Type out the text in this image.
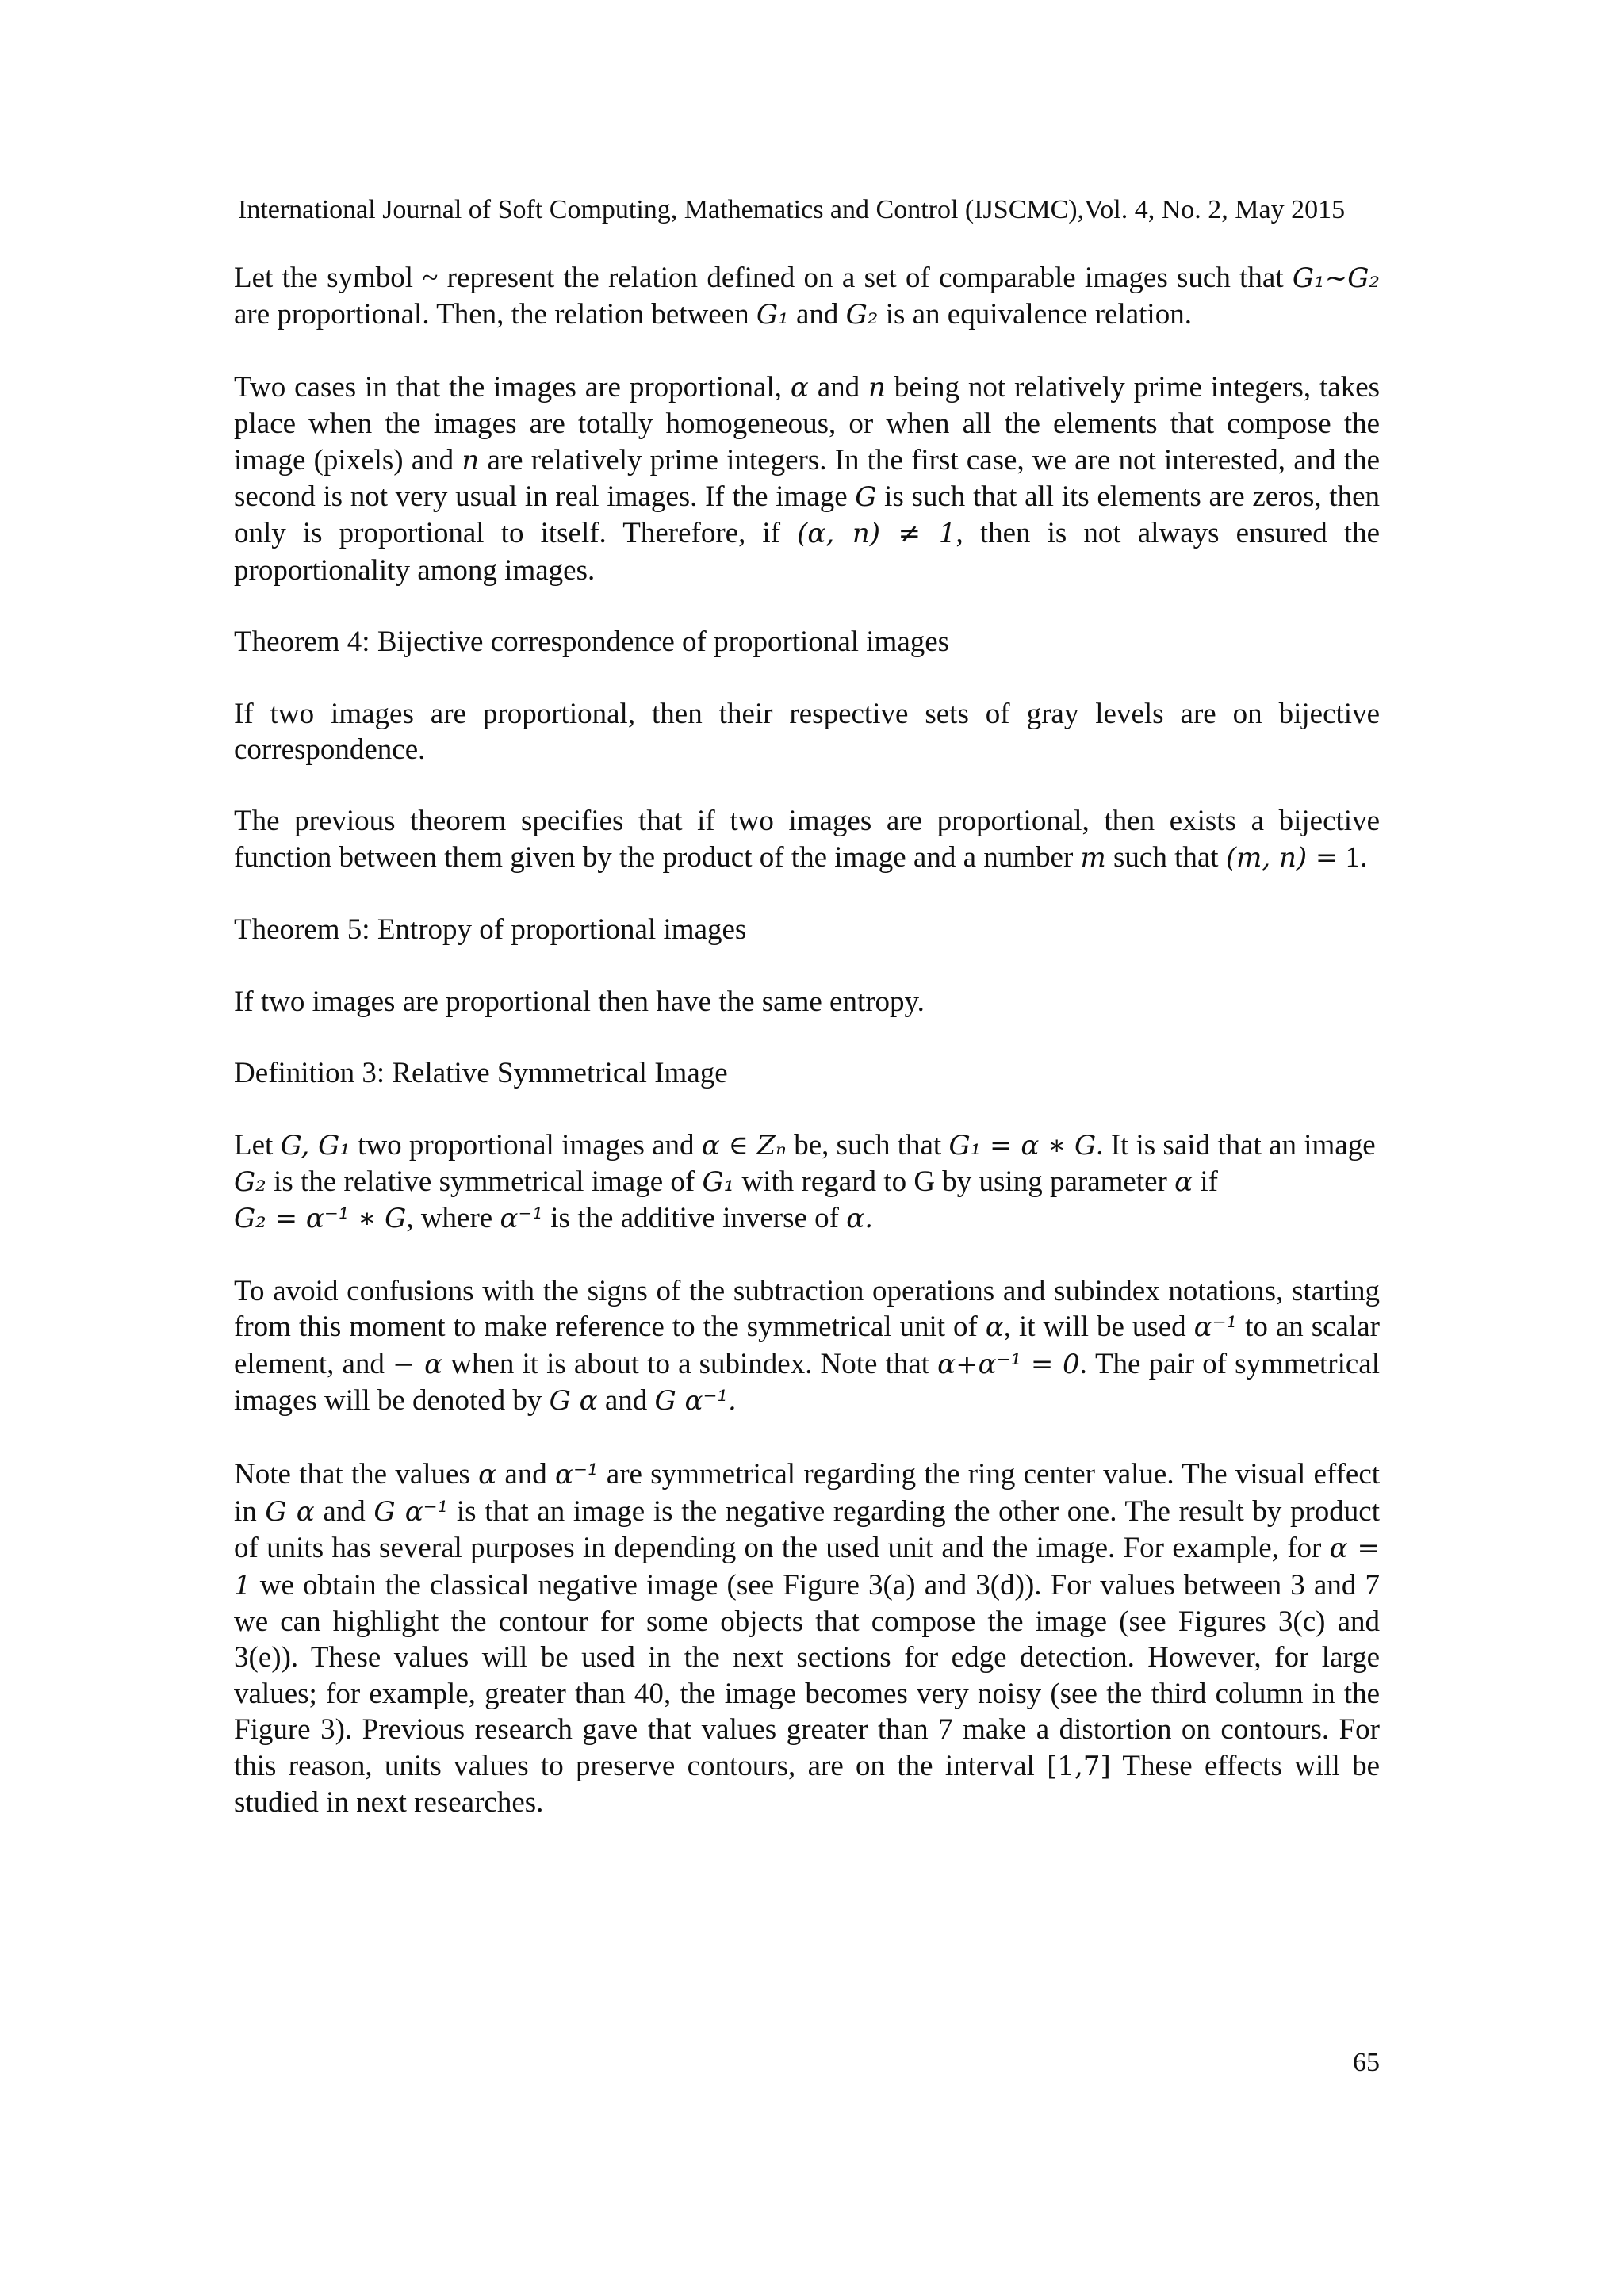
International Journal of Soft Computing, Mathematics and Control (IJSCMC),Vol. 4, No. 2, May 2015

Let the symbol ~ represent the relation defined on a set of comparable images such that G₁~G₂ are proportional. Then, the relation between G₁ and G₂ is an equivalence relation.

Two cases in that the images are proportional, α and n being not relatively prime integers, takes place when the images are totally homogeneous, or when all the elements that compose the image (pixels) and n are relatively prime integers. In the first case, we are not interested, and the second is not very usual in real images. If the image G is such that all its elements are zeros, then only is proportional to itself. Therefore, if (α, n) ≠ 1, then is not always ensured the proportionality among images.

Theorem 4: Bijective correspondence of proportional images

If two images are proportional, then their respective sets of gray levels are on bijective correspondence.

The previous theorem specifies that if two images are proportional, then exists a bijective function between them given by the product of the image and a number m such that (m, n) = 1.

Theorem 5: Entropy of proportional images

If two images are proportional then have the same entropy.

Definition 3: Relative Symmetrical Image

Let G, G₁ two proportional images and α ∈ Zₙ be, such that G₁ = α ∗ G. It is said that an image G₂ is the relative symmetrical image of G₁ with regard to G by using parameter α if
G₂ = α⁻¹ ∗ G, where α⁻¹ is the additive inverse of α.

To avoid confusions with the signs of the subtraction operations and subindex notations, starting from this moment to make reference to the symmetrical unit of α, it will be used α⁻¹ to an scalar element, and − α when it is about to a subindex. Note that α+α⁻¹ = 0. The pair of symmetrical images will be denoted by G α and G α⁻¹.

Note that the values α and α⁻¹ are symmetrical regarding the ring center value. The visual effect in G α and G α⁻¹ is that an image is the negative regarding the other one. The result by product of units has several purposes in depending on the used unit and the image. For example, for α = 1 we obtain the classical negative image (see Figure 3(a) and 3(d)). For values between 3 and 7 we can highlight the contour for some objects that compose the image (see Figures 3(c) and 3(e)). These values will be used in the next sections for edge detection. However, for large values; for example, greater than 40, the image becomes very noisy (see the third column in the Figure 3). Previous research gave that values greater than 7 make a distortion on contours. For this reason, units values to preserve contours, are on the interval [1,7] These effects will be studied in next researches.

65
